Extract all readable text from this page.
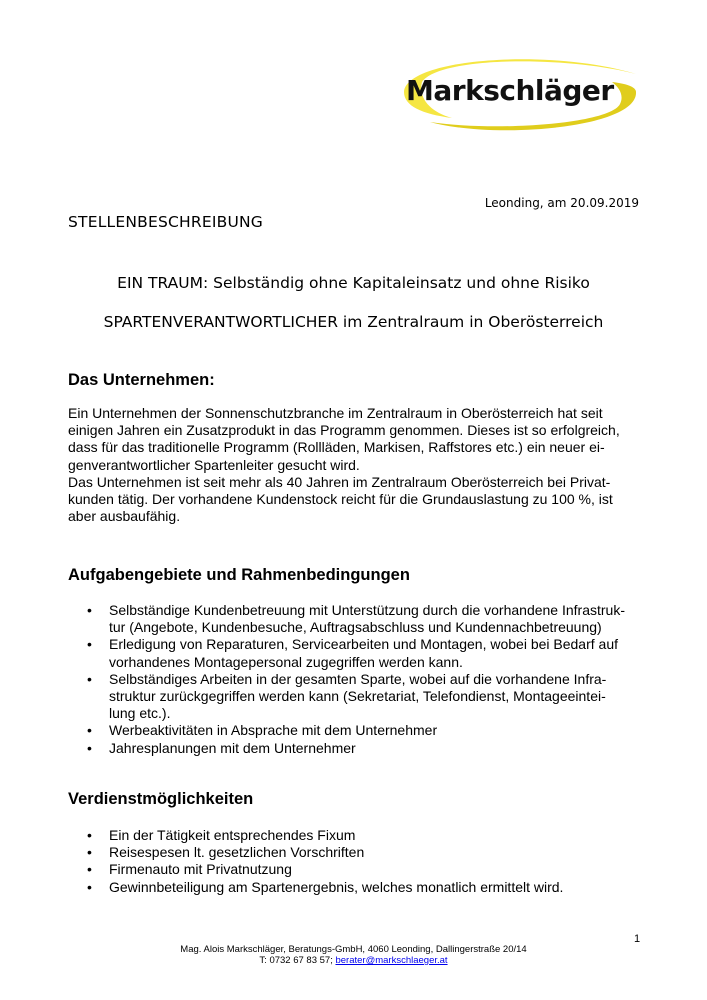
Markschläger
Leonding, am 20.09.2019
STELLENBESCHREIBUNG
EIN TRAUM: Selbständig ohne Kapitaleinsatz und ohne Risiko
SPARTENVERANTWORTLICHER im Zentralraum in Oberösterreich
Das Unternehmen:
Ein Unternehmen der Sonnenschutzbranche im Zentralraum in Oberösterreich hat seit
einigen Jahren ein Zusatzprodukt in das Programm genommen. Dieses ist so erfolgreich,
dass für das traditionelle Programm (Rollläden, Markisen, Raffstores etc.) ein neuer ei-
genverantwortlicher Spartenleiter gesucht wird.
Das Unternehmen ist seit mehr als 40 Jahren im Zentralraum Oberösterreich bei Privat-
kunden tätig. Der vorhandene Kundenstock reicht für die Grundauslastung zu 100 %, ist
aber ausbaufähig.
Aufgabengebiete und Rahmenbedingungen
• Selbständige Kundenbetreuung mit Unterstützung durch die vorhandene Infrastruk-
tur (Angebote, Kundenbesuche, Auftragsabschluss und Kundennachbetreuung)
• Erledigung von Reparaturen, Servicearbeiten und Montagen, wobei bei Bedarf auf
vorhandenes Montagepersonal zugegriffen werden kann.
• Selbständiges Arbeiten in der gesamten Sparte, wobei auf die vorhandene Infra-
struktur zurückgegriffen werden kann (Sekretariat, Telefondienst, Montageeintei-
lung etc.).
• Werbeaktivitäten in Absprache mit dem Unternehmer
• Jahresplanungen mit dem Unternehmer
Verdienstmöglichkeiten
• Ein der Tätigkeit entsprechendes Fixum
• Reisespesen lt. gesetzlichen Vorschriften
• Firmenauto mit Privatnutzung
• Gewinnbeteiligung am Spartenergebnis, welches monatlich ermittelt wird.
1
Mag. Alois Markschläger, Beratungs-GmbH, 4060 Leonding, Dallingerstraße 20/14
T: 0732 67 83 57; berater@markschlaeger.at
